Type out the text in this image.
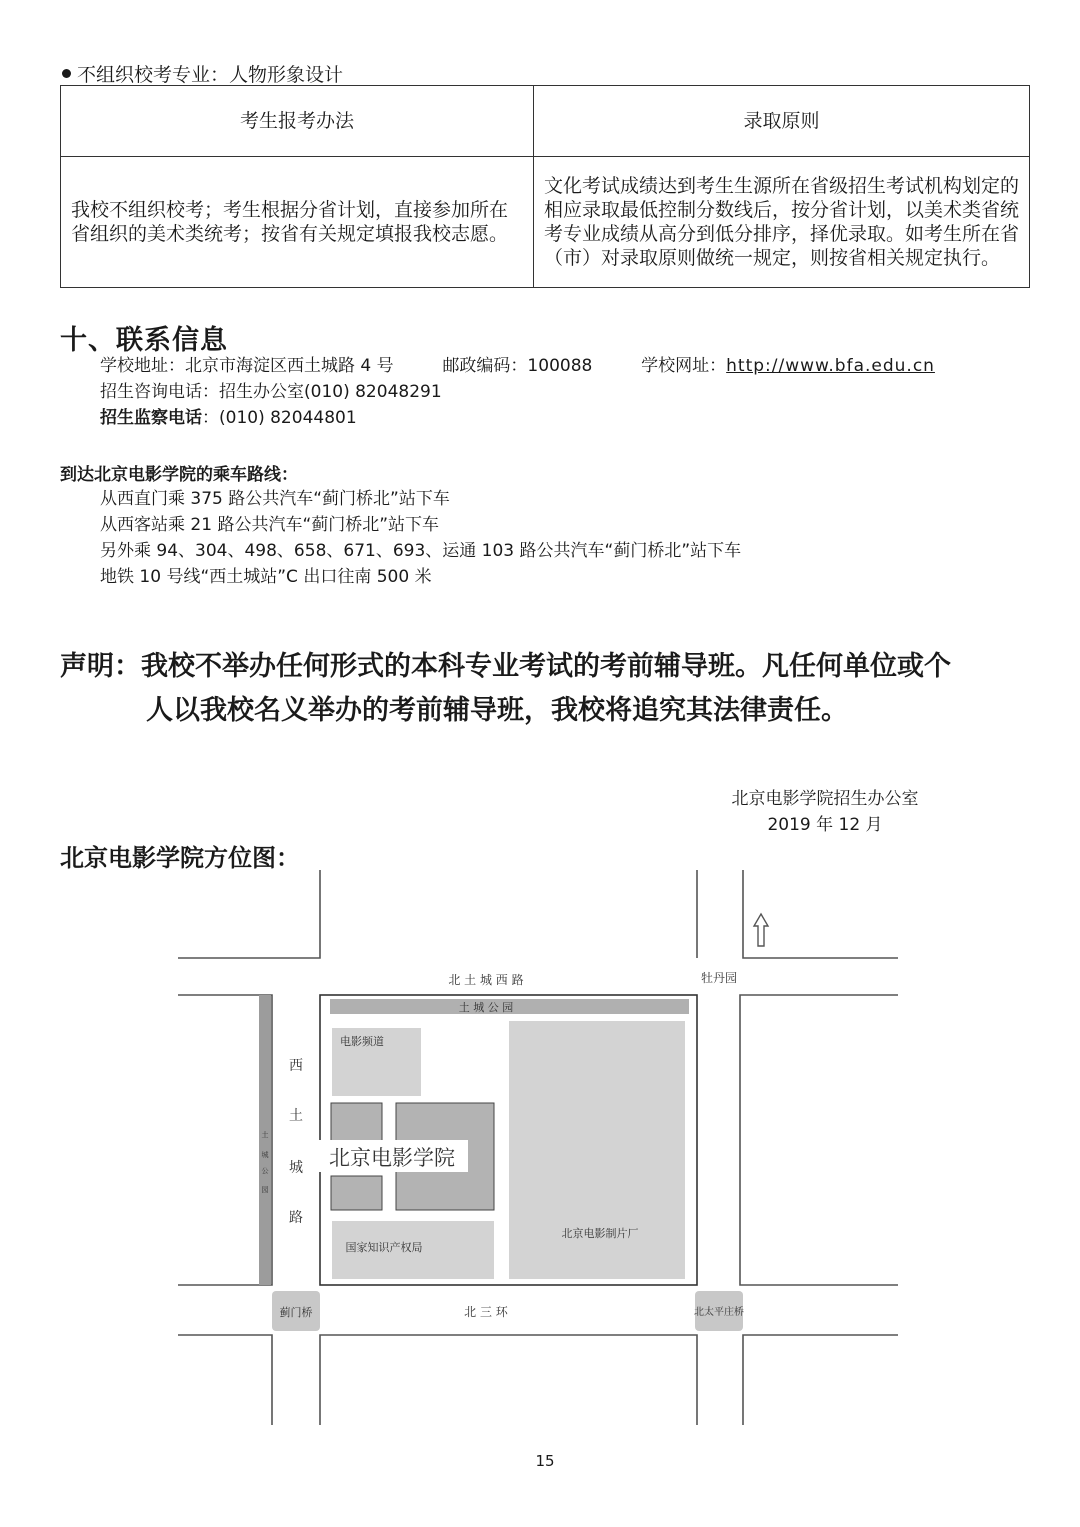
不组织校考专业：人物形象设计
考生报考办法	录取原则
我校不组织校考；考生根据分省计划，直接参加所在省组织的美术类统考；按省有关规定填报我校志愿。	文化考试成绩达到考生生源所在省级招生考试机构划定的相应录取最低控制分数线后，按分省计划，以美术类省统考专业成绩从高分到低分排序，择优录取。如考生所在省（市）对录取原则做统一规定，则按省相关规定执行。
十、联系信息
学校地址：北京市海淀区西土城路 4 号	邮政编码：100088	学校网址：http://www.bfa.edu.cn
招生咨询电话：招生办公室(010) 82048291
招生监察电话：(010) 82044801
到达北京电影学院的乘车路线：
从西直门乘 375 路公共汽车“蓟门桥北”站下车
从西客站乘 21 路公共汽车“蓟门桥北”站下车
另外乘 94、304、498、658、671、693、运通 103 路公共汽车“蓟门桥北”站下车
地铁 10 号线“西土城站”C 出口往南 500 米
声明：我校不举办任何形式的本科专业考试的考前辅导班。凡任何单位或个
人以我校名义举办的考前辅导班，我校将追究其法律责任。
北京电影学院招生办公室
2019 年 12 月
北京电影学院方位图：
北 土 城 西 路	牡丹园
土 城 公 园
电影频道
西
土
城
路
土
城
公
园
北京电影学院
北京电影制片厂
国家知识产权局
北 三 环
蓟门桥	北太平庄桥
15
